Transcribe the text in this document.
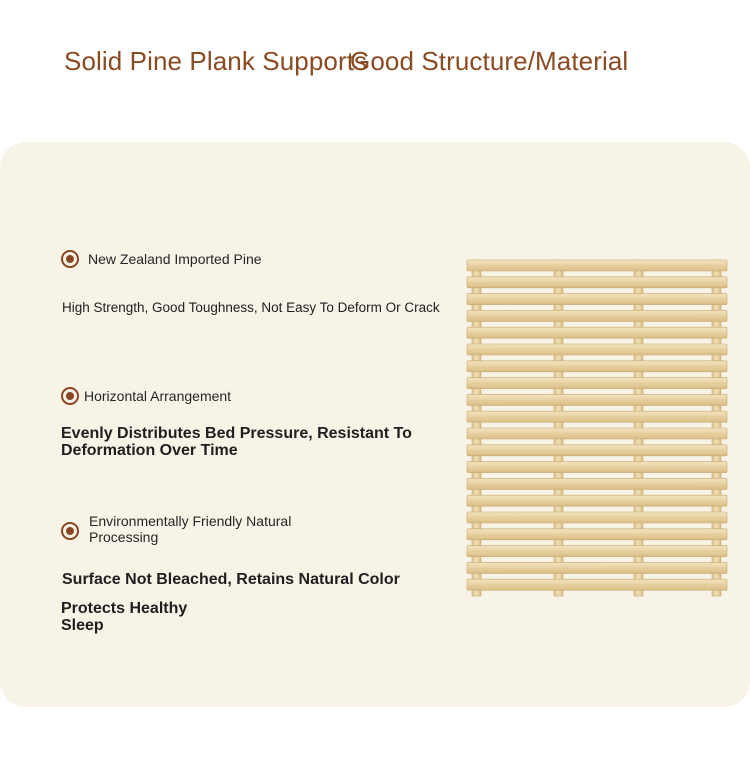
Solid Pine Plank Supports
Good Structure/Material
New Zealand Imported Pine
High Strength, Good Toughness, Not Easy To Deform Or Crack
Horizontal Arrangement
Evenly Distributes Bed Pressure, Resistant To Deformation Over Time
Environmentally Friendly Natural Processing
Surface Not Bleached, Retains Natural Color
Protects Healthy Sleep
